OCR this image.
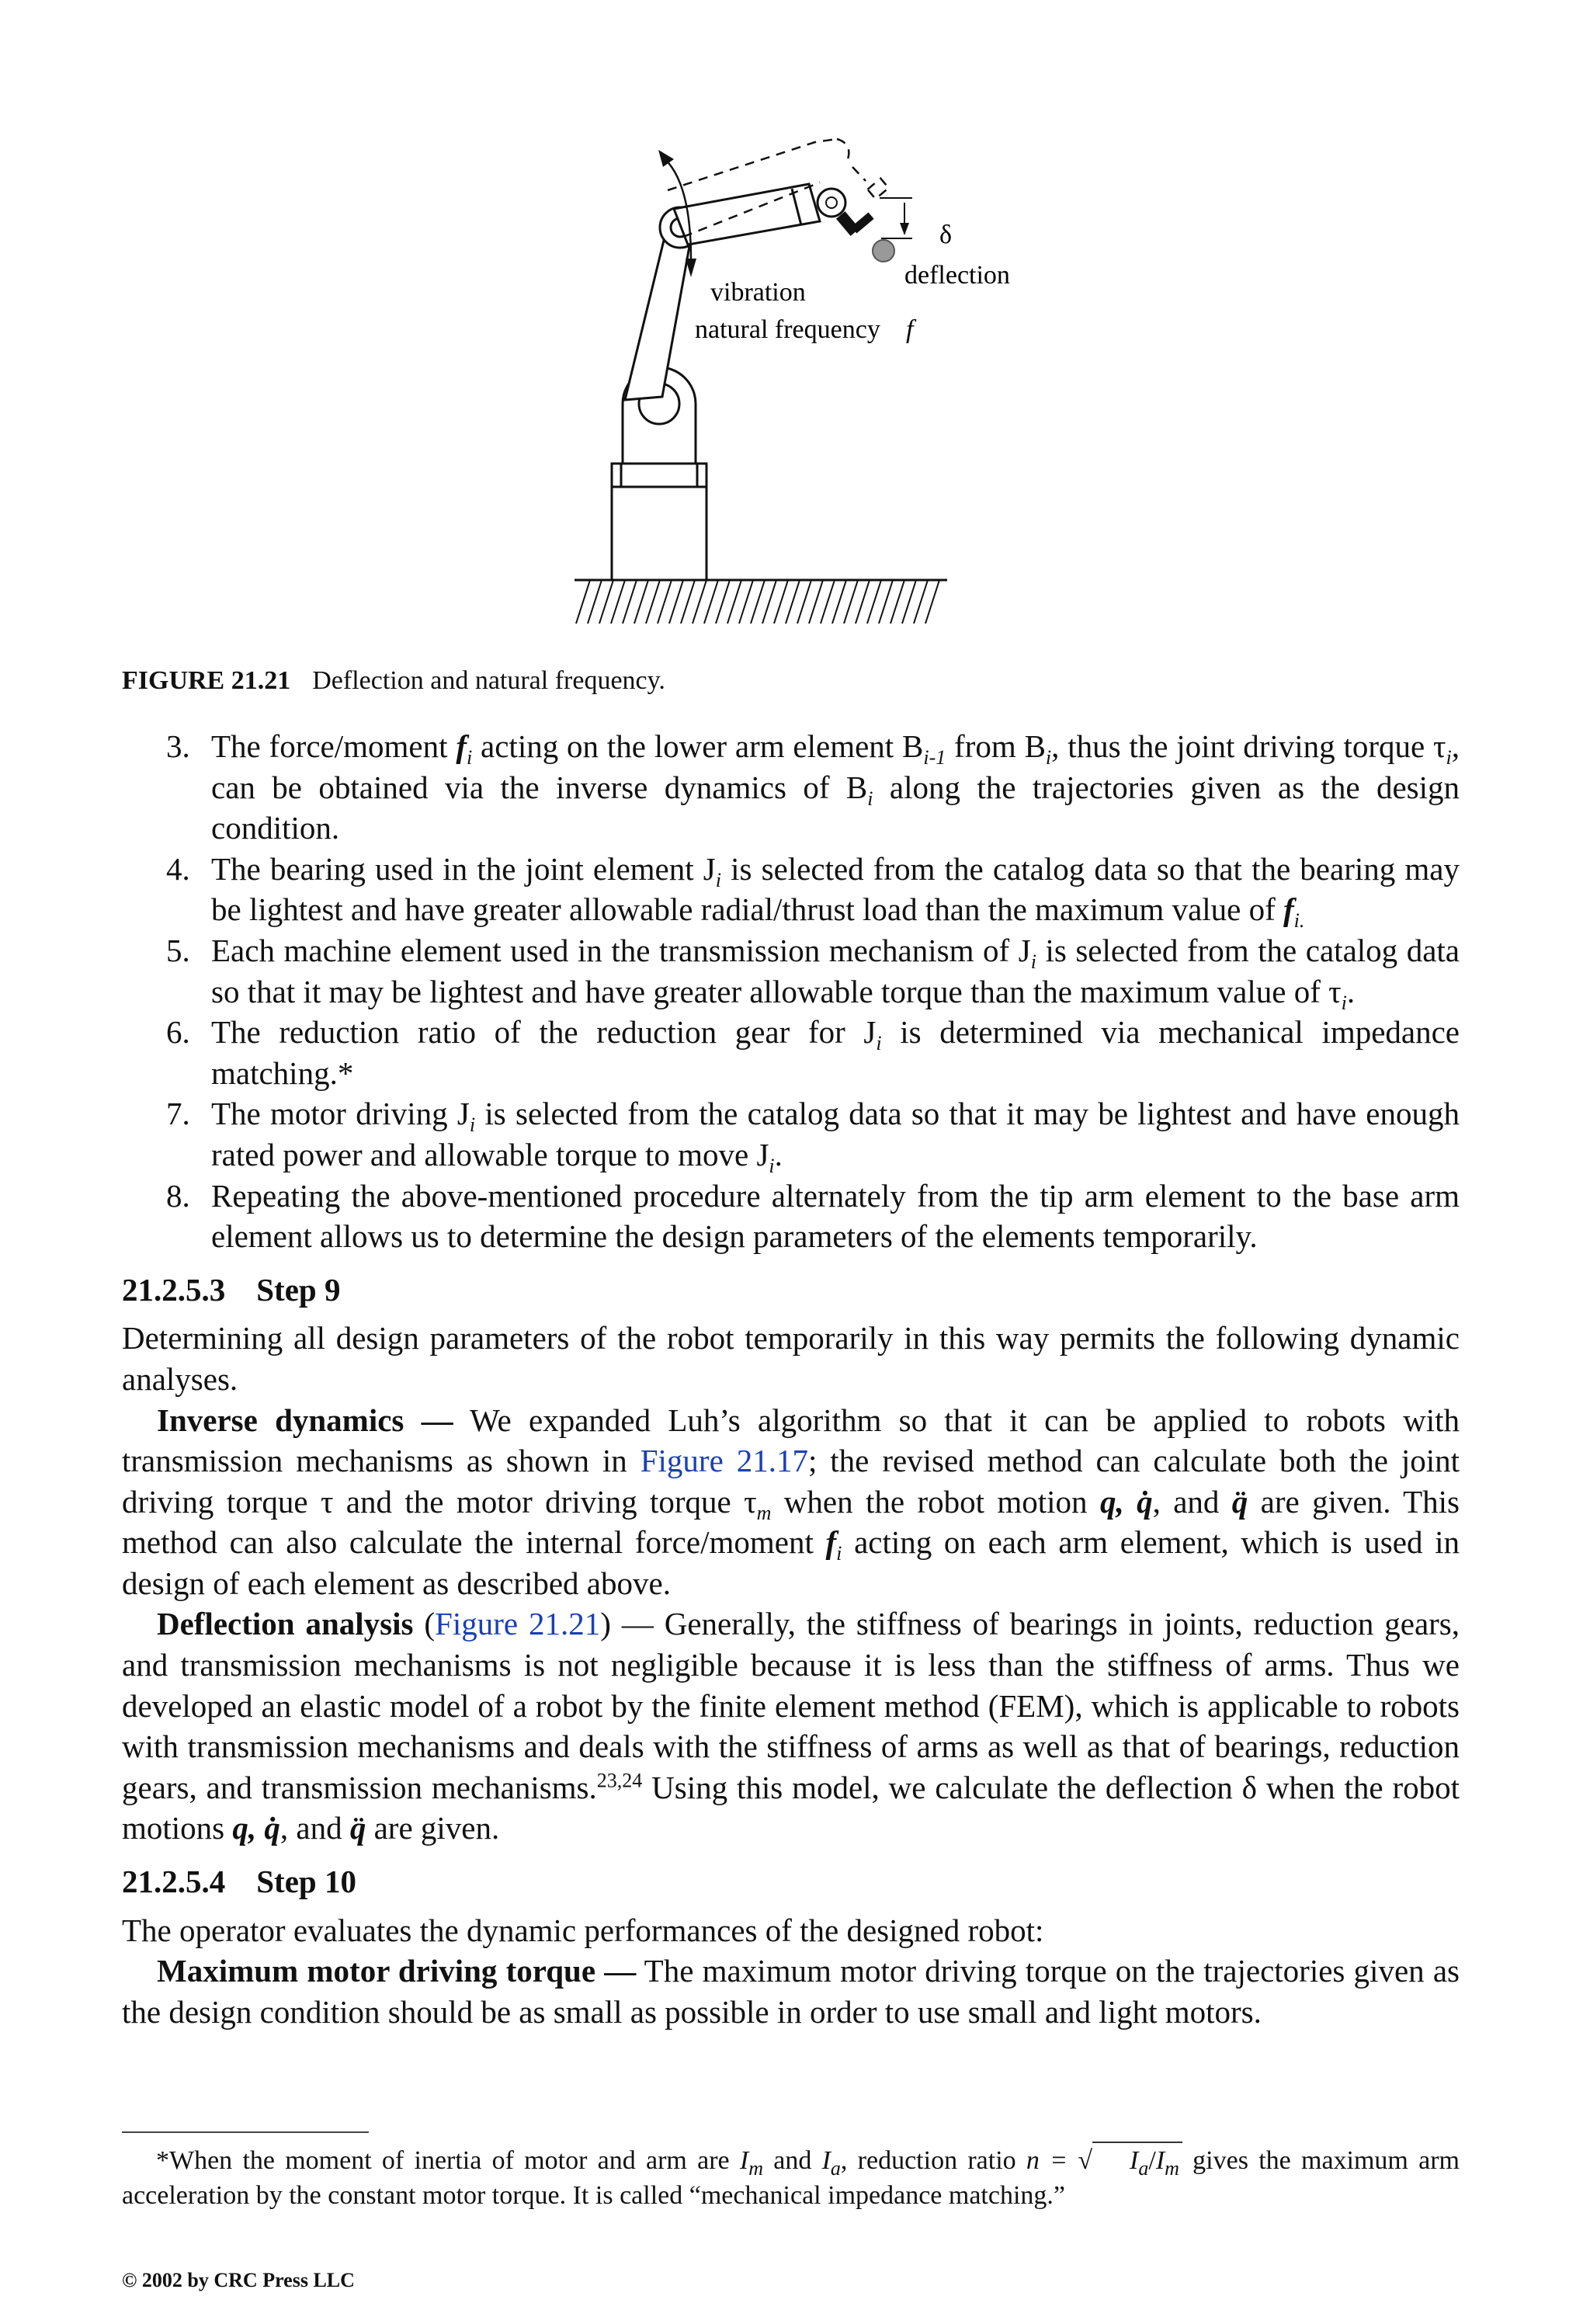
δ
deflection
vibration
natural frequency f
FIGURE 21.21 Deflection and natural frequency.
3. The force/moment $f_i$ acting on the lower arm element $B_{i-1}$ from $B_i$, thus the joint driving torque $\tau_i$, can be obtained via the inverse dynamics of $B_i$ along the trajectories given as the design condition.
4. The bearing used in the joint element $J_i$ is selected from the catalog data so that the bearing may be lightest and have greater allowable radial/thrust load than the maximum value of $f_{i.}$
5. Each machine element used in the transmission mechanism of $J_i$ is selected from the catalog data so that it may be lightest and have greater allowable torque than the maximum value of $\tau_i$.
6. The reduction ratio of the reduction gear for $J_i$ is determined via mechanical impedance matching.*
7. The motor driving $J_i$ is selected from the catalog data so that it may be lightest and have enough rated power and allowable torque to move $J_i$.
8. Repeating the above-mentioned procedure alternately from the tip arm element to the base arm element allows us to determine the design parameters of the elements temporarily.
21.2.5.3 Step 9

Determining all design parameters of the robot temporarily in this way permits the following dynamic analyses.

Inverse dynamics — We expanded Luh’s algorithm so that it can be applied to robots with transmission mechanisms as shown in Figure 21.17; the revised method can calculate both the joint driving torque τ and the motor driving torque $\tau_m$ when the robot motion q, q̇, and q̈ are given. This method can also calculate the internal force/moment $f_i$ acting on each arm element, which is used in design of each element as described above.

Deflection analysis (Figure 21.21) — Generally, the stiffness of bearings in joints, reduction gears, and transmission mechanisms is not negligible because it is less than the stiffness of arms. Thus we developed an elastic model of a robot by the finite element method (FEM), which is applicable to robots with transmission mechanisms and deals with the stiffness of arms as well as that of bearings, reduction gears, and transmission mechanisms.$^{23,24}$ Using this model, we calculate the deflection δ when the robot motions q, q̇, and q̈ are given.

21.2.5.4 Step 10

The operator evaluates the dynamic performances of the designed robot:

Maximum motor driving torque — The maximum motor driving torque on the trajectories given as the design condition should be as small as possible in order to use small and light motors.

*When the moment of inertia of motor and arm are $I_m$ and $I_a$, reduction ratio n = √ $I_a/I_m$ gives the maximum arm acceleration by the constant motor torque. It is called “mechanical impedance matching.”
© 2002 by CRC Press LLC
